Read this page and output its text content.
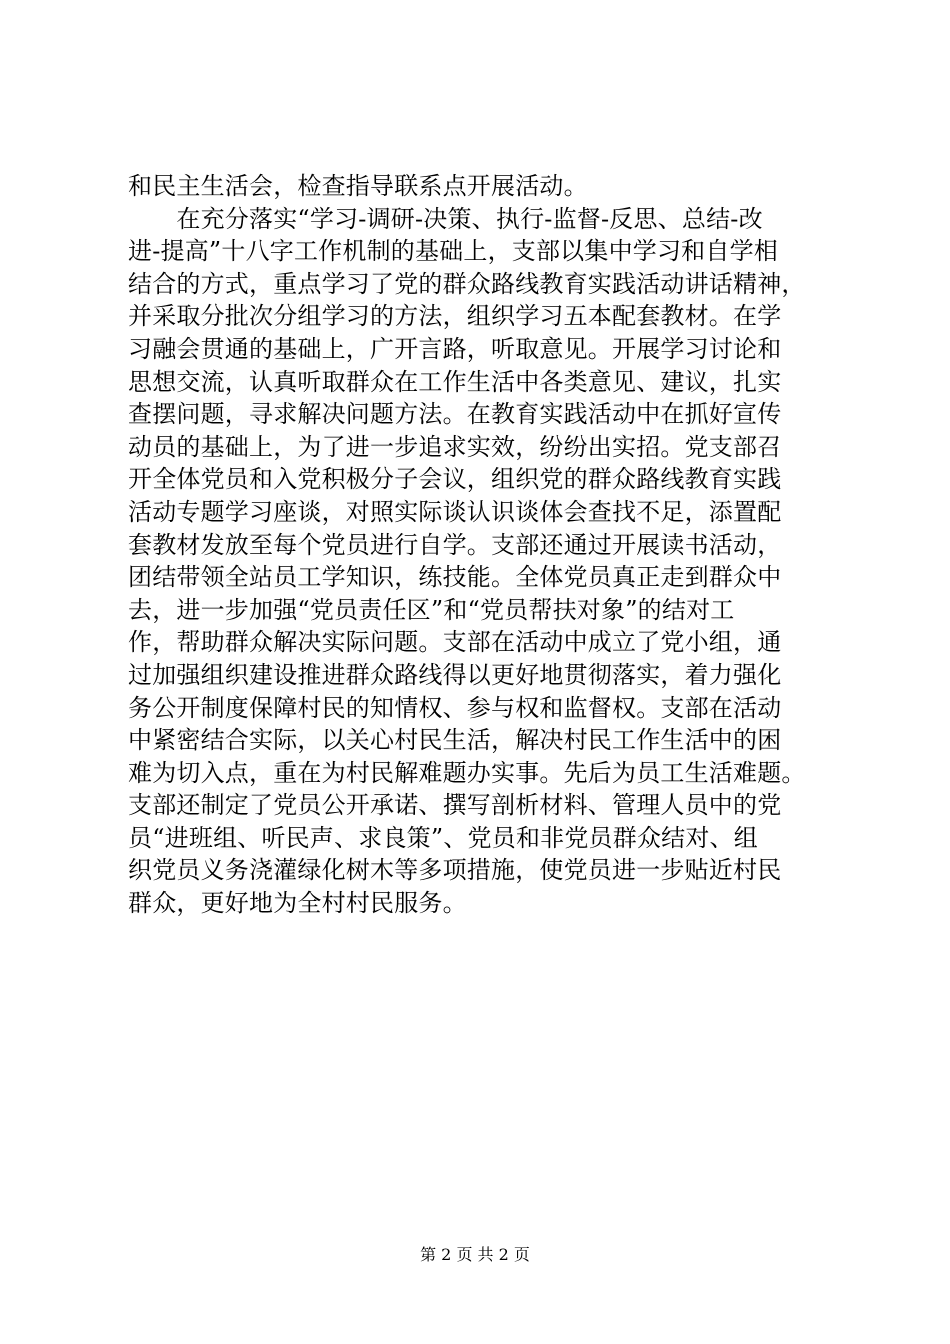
和民主生活会，检查指导联系点开展活动。
　　在充分落实“学习-调研-决策、执行-监督-反思、总结-改
进-提高”十八字工作机制的基础上，支部以集中学习和自学相
结合的方式，重点学习了党的群众路线教育实践活动讲话精神，
并采取分批次分组学习的方法，组织学习五本配套教材。在学
习融会贯通的基础上，广开言路，听取意见。开展学习讨论和
思想交流，认真听取群众在工作生活中各类意见、建议，扎实
查摆问题，寻求解决问题方法。在教育实践活动中在抓好宣传
动员的基础上，为了进一步追求实效，纷纷出实招。党支部召
开全体党员和入党积极分子会议，组织党的群众路线教育实践
活动专题学习座谈，对照实际谈认识谈体会查找不足，添置配
套教材发放至每个党员进行自学。支部还通过开展读书活动，
团结带领全站员工学知识，练技能。全体党员真正走到群众中
去，进一步加强“党员责任区”和“党员帮扶对象”的结对工
作，帮助群众解决实际问题。支部在活动中成立了党小组，通
过加强组织建设推进群众路线得以更好地贯彻落实，着力强化
务公开制度保障村民的知情权、参与权和监督权。支部在活动
中紧密结合实际，以关心村民生活，解决村民工作生活中的困
难为切入点，重在为村民解难题办实事。先后为员工生活难题。
支部还制定了党员公开承诺、撰写剖析材料、管理人员中的党
员“进班组、听民声、求良策”、党员和非党员群众结对、组
织党员义务浇灌绿化树木等多项措施，使党员进一步贴近村民
群众，更好地为全村村民服务。
第 2 页 共 2 页
